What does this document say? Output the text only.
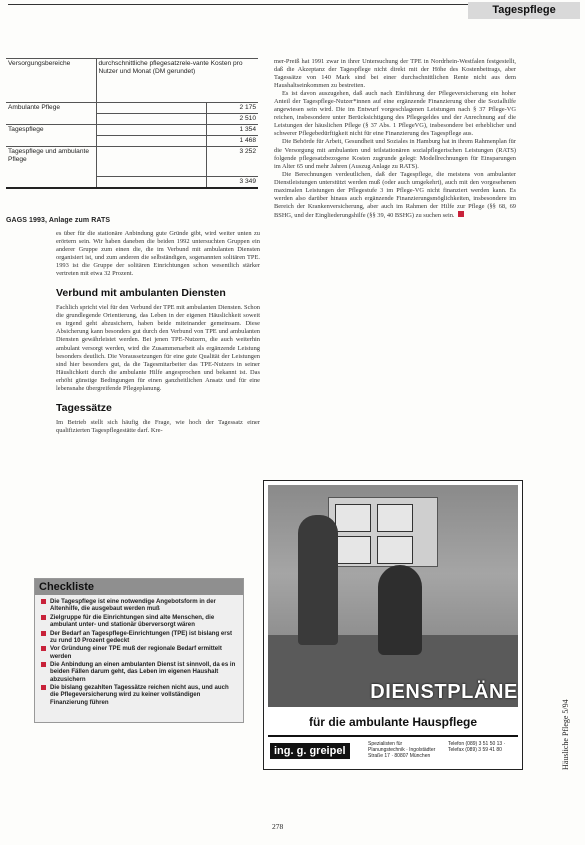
Tagespflege
Versorgungsbereiche	durchschnittliche pflegesatzrele-vante Kosten pro Nutzer und Monat (DM gerundet)	
Ambulante Pflege		2 175
		2 510
Tagespflege		1 354
		1 468
Tagespflege und ambulante Pflege		3 252
		3 349
GAGS 1993, Anlage zum RATS

es über für die stationäre Anbindung gute Gründe gibt, wird weiter unten zu erörtern sein. Wir haben daneben die beiden 1992 untersuchten Gruppen ein anderer Gruppe zum einen die, die im Verbund mit ambulanten Diensten organisiert ist, und zum anderen die selbständigen, sogenannten solitären TPE. 1993 ist die Gruppe der solitären Einrichtungen schon wesentlich stärker vertreten mit etwa 32 Prozent.

Verbund mit ambulanten Diensten

Fachlich spricht viel für den Verbund der TPE mit ambulanten Diensten. Schon die grundlegende Orientierung, das Leben in der eigenen Häuslichkeit soweit es irgend geht abzusichern, haben beide miteinander gemeinsam. Diese Absicherung kann besonders gut durch den Verbund von TPE und ambulanten Diensten gewährleistet werden. Bei jenen TPE-Nutzern, die auch weiterhin ambulant versorgt werden, wird die Zusammenarbeit als ergänzende Leistung besonders deutlich. Die Voraussetzungen für eine gute Qualität der Leistungen sind hier besonders gut, da die Tagesmitarbeiter das TPE-Nutzers in seiner Häuslichkeit durch die ambulante Hilfe angesprochen und bekannt ist. Das erhöht günstige Bedingungen für einen ganzheitlichen Ansatz und für eine lebensnahe übergreifende Pflegeplanung.

Tagessätze

Im Betrieb stellt sich häufig die Frage, wie hoch der Tagessatz einer qualifizierten Tagespflegestätte darf. Kre-

mer-Preiß hat 1991 zwar in ihrer Untersuchung der TPE in Nordrhein-Westfalen festgestellt, daß die Akzeptanz der Tagespflege nicht direkt mit der Höhe des Kostenbeitrags, aber Tagessätze von 140 Mark sind bei einer durchschnittlichen Rente nicht aus dem Haushaltseinkommen zu bestreiten.

Es ist davon auszugehen, daß auch nach Einführung der Pflegeversicherung ein hoher Anteil der Tagespflege-Nutzer*innen auf eine ergänzende Finanzierung über die Sozialhilfe angewiesen sein wird. Die im Entwurf vorgeschlagenen Leistungen nach § 37 Pflege-VG reichen, insbesondere unter Berücksichtigung des Pflegegeldes und der Anrechnung auf die Leistungen der häuslichen Pflege (§ 37 Abs. 1 PflegeVG), insbesondere bei erheblicher und schwerer Pflegebedürftigkeit nicht für eine Finanzierung des Tagespflege aus.

Die Behörde für Arbeit, Gesundheit und Soziales in Hamburg hat in ihrem Rahmenplan für die Versorgung mit ambulanten und teilstationären sozialpflegerischen Leistungen (RATS) folgende pflegesatzbezogene Kosten zugrunde gelegt: Modellrechnungen für Einsparungen im Alter 65 und mehr Jahren (Auszug Anlage zu RATS).

Die Berechnungen verdeutlichen, daß der Tagespflege, die meistens von ambulanter Dienstleistungen unterstützt werden muß (oder auch umgekehrt), auch mit den vorgesehenen maximalen Leistungen der Pflegestufe 3 im Pflege-VG nicht finanziert werden kann. Es werden also darüber hinaus auch ergänzende Finanzierungsmöglichkeiten, insbesondere im Bereich der Krankenversicherung, aber auch im Rahmen der Hilfe zur Pflege (§§ 68, 69 BSHG, und der Eingliederungshilfe (§§ 39, 40 BSHG) zu suchen sein.

Checkliste
Die Tagespflege ist eine notwendige Angebotsform in der Altenhilfe, die ausgebaut werden muß
Zielgruppe für die Einrichtungen sind alte Menschen, die ambulant unter- und stationär überversorgt wären
Der Bedarf an Tagespflege-Einrichtungen (TPE) ist bislang erst zu rund 10 Prozent gedeckt
Vor Gründung einer TPE muß der regionale Bedarf ermittelt werden
Die Anbindung an einen ambulanten Dienst ist sinnvoll, da es in beiden Fällen darum geht, das Leben im eigenen Haushalt abzusichern
Die bislang gezahlten Tagessätze reichen nicht aus, und auch die Pflegeversicherung wird zu keiner vollständigen Finanzierung führen	DIENSTPLÄNE
für die ambulante Hauspflege
ing. g. greipel
Spezialisten für Planungstechnik · Ingolstädter Straße 17 · 80807 München
Telefon (089) 3 51 50 13 · Telefax (089) 3 59 41 80	Häusliche Pflege 5/94
278
